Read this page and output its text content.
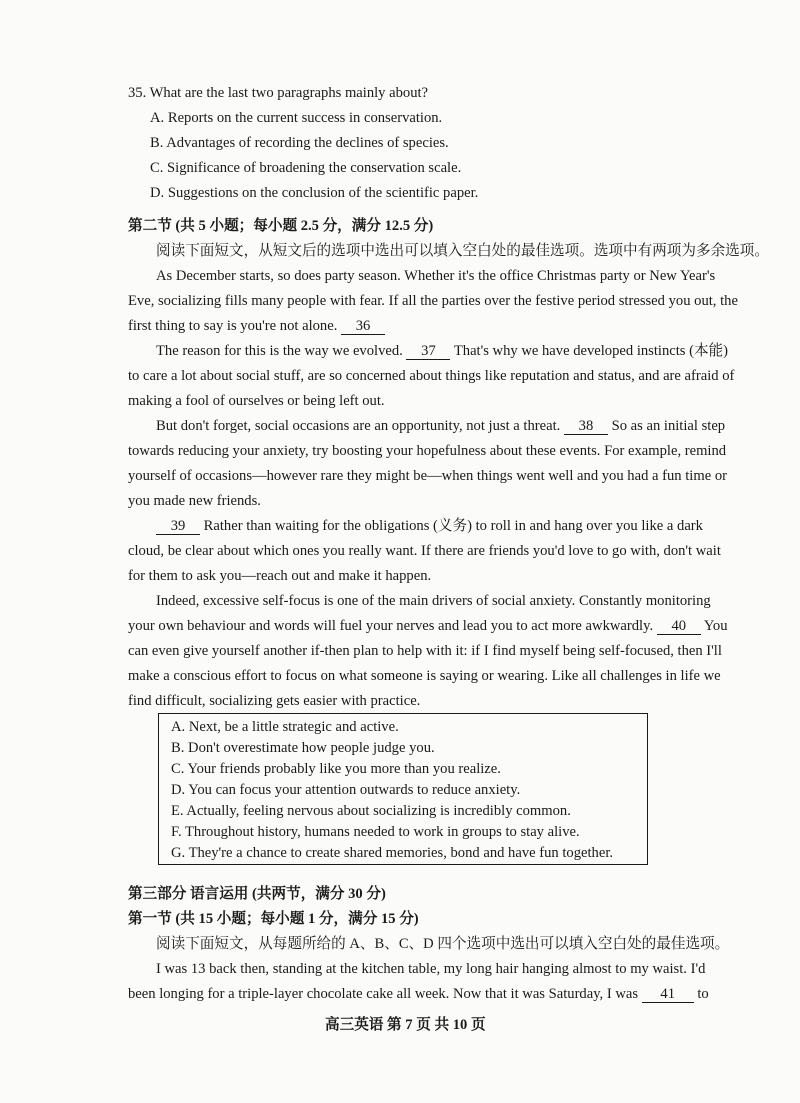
35. What are the last two paragraphs mainly about?
A. Reports on the current success in conservation.
B. Advantages of recording the declines of species.
C. Significance of broadening the conservation scale.
D. Suggestions on the conclusion of the scientific paper.
第二节 (共 5 小题；每小题 2.5 分，满分 12.5 分)
阅读下面短文，从短文后的选项中选出可以填入空白处的最佳选项。选项中有两项为多余选项。
As December starts, so does party season. Whether it's the office Christmas party or New Year's
Eve, socializing fills many people with fear. If all the parties over the festive period stressed you out, the
first thing to say is you're not alone. 36
The reason for this is the way we evolved. 37 That's why we have developed instincts (本能)
to care a lot about social stuff, are so concerned about things like reputation and status, and are afraid of
making a fool of ourselves or being left out.
But don't forget, social occasions are an opportunity, not just a threat. 38 So as an initial step
towards reducing your anxiety, try boosting your hopefulness about these events. For example, remind
yourself of occasions—however rare they might be—when things went well and you had a fun time or
you made new friends.
39 Rather than waiting for the obligations (义务) to roll in and hang over you like a dark
cloud, be clear about which ones you really want. If there are friends you'd love to go with, don't wait
for them to ask you—reach out and make it happen.
Indeed, excessive self-focus is one of the main drivers of social anxiety. Constantly monitoring
your own behaviour and words will fuel your nerves and lead you to act more awkwardly. 40 You
can even give yourself another if-then plan to help with it: if I find myself being self-focused, then I'll
make a conscious effort to focus on what someone is saying or wearing. Like all challenges in life we
find difficult, socializing gets easier with practice.
A. Next, be a little strategic and active.
B. Don't overestimate how people judge you.
C. Your friends probably like you more than you realize.
D. You can focus your attention outwards to reduce anxiety.
E. Actually, feeling nervous about socializing is incredibly common.
F. Throughout history, humans needed to work in groups to stay alive.
G. They're a chance to create shared memories, bond and have fun together.
第三部分 语言运用 (共两节，满分 30 分)
第一节 (共 15 小题；每小题 1 分，满分 15 分)
阅读下面短文，从每题所给的 A、B、C、D 四个选项中选出可以填入空白处的最佳选项。
I was 13 back then, standing at the kitchen table, my long hair hanging almost to my waist. I'd
been longing for a triple-layer chocolate cake all week. Now that it was Saturday, I was 41 to
高三英语 第 7 页 共 10 页
